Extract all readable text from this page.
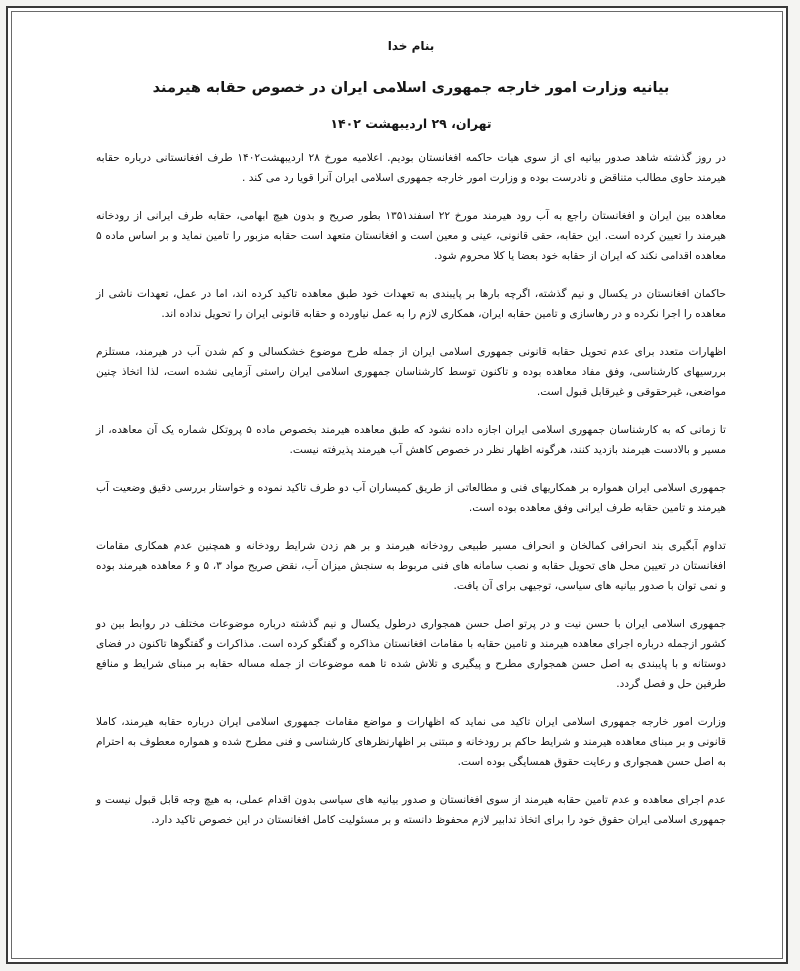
بنام خدا
بیانیه وزارت امور خارجه جمهوری اسلامی ایران در خصوص حقابه هیرمند
تهران، ۲۹ اردیبهشت ۱۴۰۲

در روز گذشته شاهد صدور بیانیه ای از سوی هیات حاکمه افغانستان بودیم. اعلامیه مورخ ۲۸ اردیبهشت۱۴۰۲ طرف افغانستانی درباره حقابه هیرمند حاوی مطالب متناقض و نادرست بوده و وزارت امور خارجه جمهوری اسلامی ایران آنرا قویا رد می کند .

معاهده بین ایران و افغانستان راجع به آب رود هیرمند مورخ ۲۲ اسفند۱۳۵۱ بطور صریح و بدون هیچ ابهامی، حقابه طرف ایرانی از رودخانه هیرمند را تعیین کرده است. این حقابه، حقی قانونی، عینی و معین است و افغانستان متعهد است حقابه مزبور را تامین نماید و بر اساس ماده ۵ معاهده اقدامی نکند که ایران از حقابه خود بعضا یا کلا محروم شود.

حاکمان افغانستان در یکسال و نیم گذشته، اگرچه بارها بر پایبندی به تعهدات خود طبق معاهده تاکید کرده اند، اما در عمل، تعهدات ناشی از معاهده را اجرا نکرده و در رهاسازی و تامین حقابه ایران، همکاری لازم را به عمل نیاورده و حقابه قانونی ایران را تحویل نداده اند.

اظهارات متعدد برای عدم تحویل حقابه قانونی جمهوری اسلامی ایران از جمله طرح موضوع خشکسالی و کم شدن آب در هیرمند، مستلزم بررسیهای کارشناسی، وفق مفاد معاهده بوده و تاکنون توسط کارشناسان جمهوری اسلامی ایران راستی آزمایی نشده است، لذا اتخاذ چنین مواضعی، غیرحقوقی و غیرقابل قبول است.

تا زمانی که به کارشناسان جمهوری اسلامی ایران اجازه داده نشود که طبق معاهده هیرمند بخصوص ماده ۵ پروتکل شماره یک آن معاهده، از مسیر و بالادست هیرمند بازدید کنند، هرگونه اظهار نظر در خصوص کاهش آب هیرمند پذیرفته نیست.

جمهوری اسلامی ایران همواره بر همکاریهای فنی و مطالعاتی از طریق کمیساران آب دو طرف تاکید نموده و خواستار بررسی دقیق وضعیت آب هیرمند و تامین حقابه طرف ایرانی وفق معاهده بوده است.

تداوم آبگیری بند انحرافی کمالخان و انحراف مسیر طبیعی رودخانه هیرمند و بر هم زدن شرایط رودخانه و همچنین عدم همکاری مقامات افغانستان در تعیین محل های تحویل حقابه و نصب سامانه های فنی مربوط به سنجش میزان آب، نقض صریح مواد ۳، ۵ و ۶ معاهده هیرمند بوده و نمی توان با صدور بیانیه های سیاسی، توجیهی برای آن یافت.

جمهوری اسلامی ایران با حسن نیت و در پرتو اصل حسن همجواری درطول یکسال و نیم گذشته درباره موضوعات مختلف در روابط بین دو کشور ازجمله درباره اجرای معاهده هیرمند و تامین حقابه با مقامات افغانستان مذاکره و گفتگو کرده است. مذاکرات و گفتگوها تاکنون در فضای دوستانه و با پایبندی به اصل حسن همجواری مطرح و پیگیری و تلاش شده تا همه موضوعات از جمله مساله حقابه بر مبنای شرایط و منافع طرفین حل و فصل گردد.

وزارت امور خارجه جمهوری اسلامی ایران تاکید می نماید که اظهارات و مواضع مقامات جمهوری اسلامی ایران درباره حقابه هیرمند، کاملا قانونی و بر مبنای معاهده هیرمند و شرایط حاکم بر رودخانه و مبتنی بر اظهارنظرهای کارشناسی و فنی مطرح شده و همواره معطوف به احترام به اصل حسن همجواری و رعایت حقوق همسایگی بوده است.

عدم اجرای معاهده و عدم تامین حقابه هیرمند از سوی افغانستان و صدور بیانیه های سیاسی بدون اقدام عملی، به هیچ وجه قابل قبول نیست و جمهوری اسلامی ایران حقوق خود را برای اتخاذ تدابیر لازم محفوظ دانسته و بر مسئولیت کامل افغانستان در این خصوص تاکید دارد.
